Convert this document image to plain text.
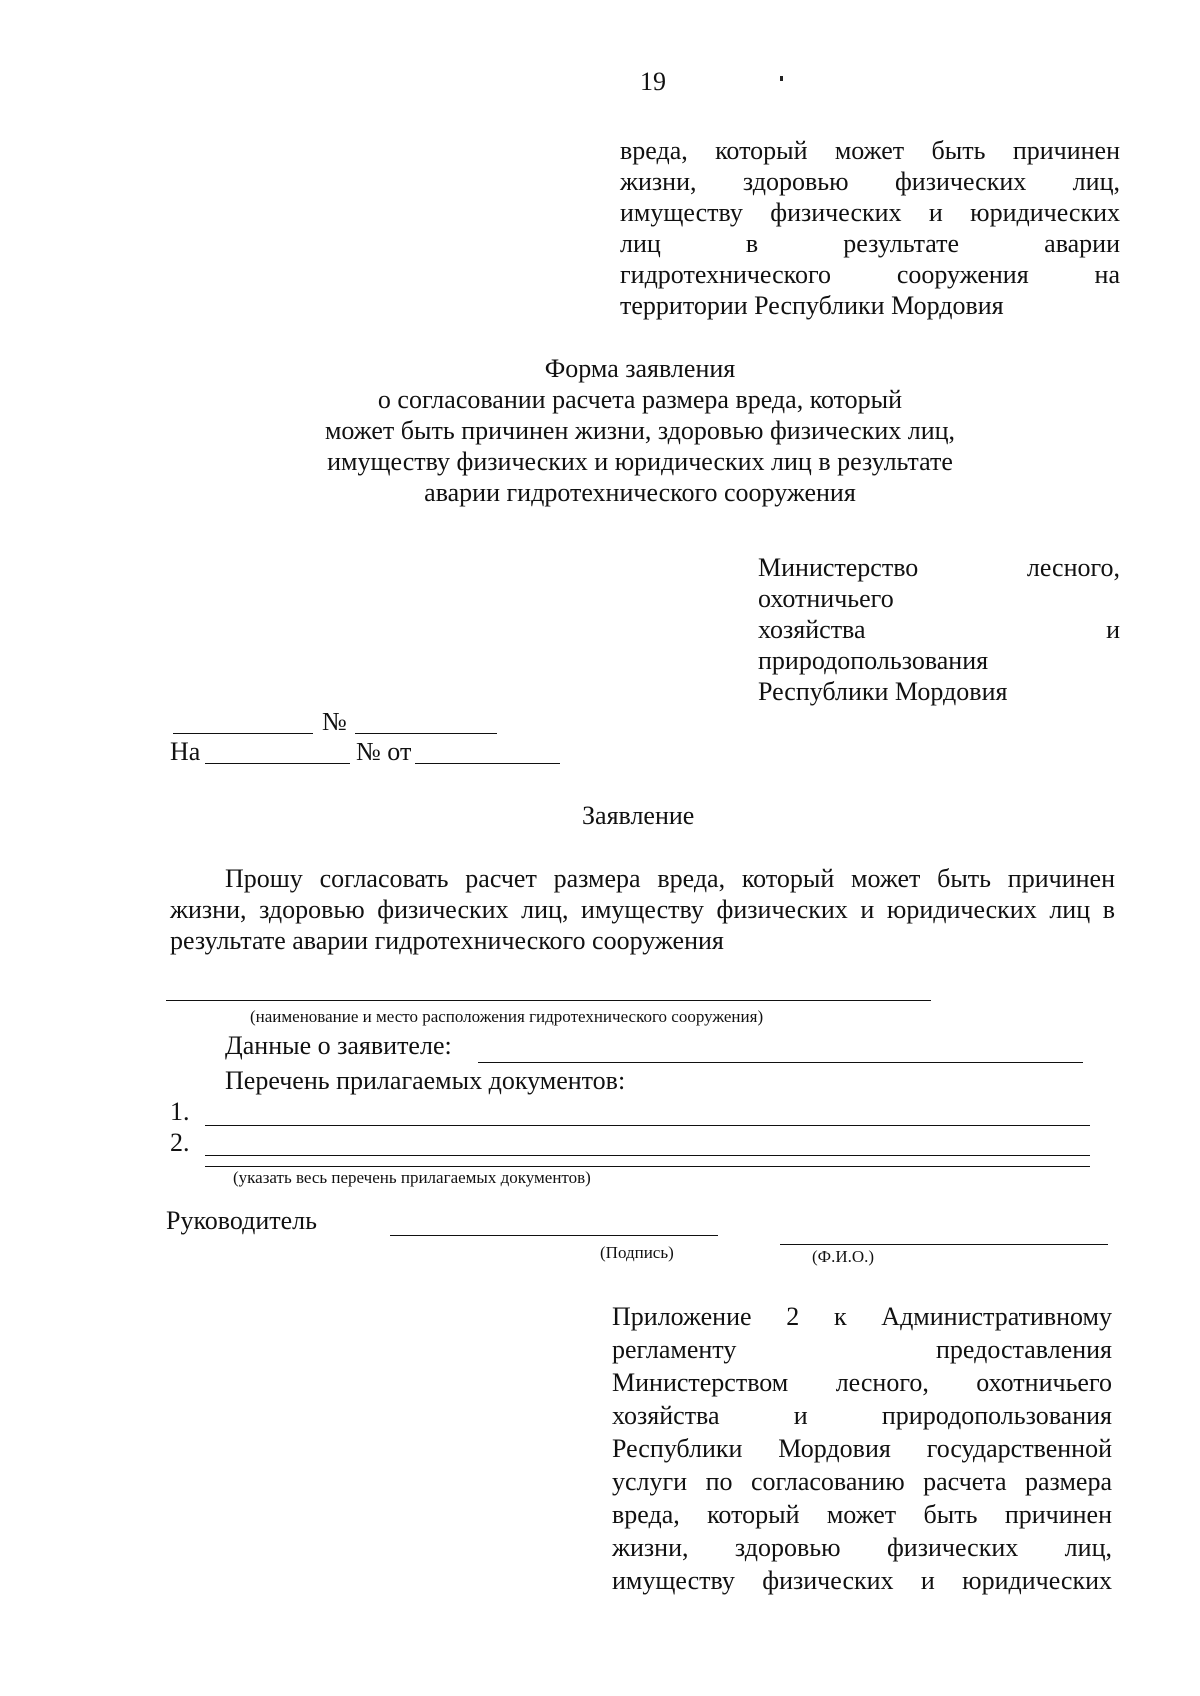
19
вреда, который может быть причинен
жизни, здоровью физических лиц,
имуществу физических и юридических
лиц в результате аварии
гидротехнического сооружения на
территории Республики Мордовия
Форма заявления
о согласовании расчета размера вреда, который
может быть причинен жизни, здоровью физических лиц,
имуществу физических и юридических лиц в результате
аварии гидротехнического сооружения
Министерство лесного,
охотничьего
хозяйства и
природопользования
Республики Мордовия
№
На	№ от
Заявление
Прошу согласовать расчет размера вреда, который может быть причинен жизни, здоровью физических лиц, имуществу физических и юридических лиц в результате аварии гидротехнического сооружения
(наименование и место расположения гидротехнического сооружения)
Данные о заявителе:
Перечень прилагаемых документов:
1.
2.
(указать весь перечень прилагаемых документов)
Руководитель
(Подпись)	(Ф.И.О.)
Приложение 2 к Административному
регламенту предоставления
Министерством лесного, охотничьего
хозяйства и природопользования
Республики Мордовия государственной
услуги по согласованию расчета размера
вреда, который может быть причинен
жизни, здоровью физических лиц,
имуществу физических и юридических
